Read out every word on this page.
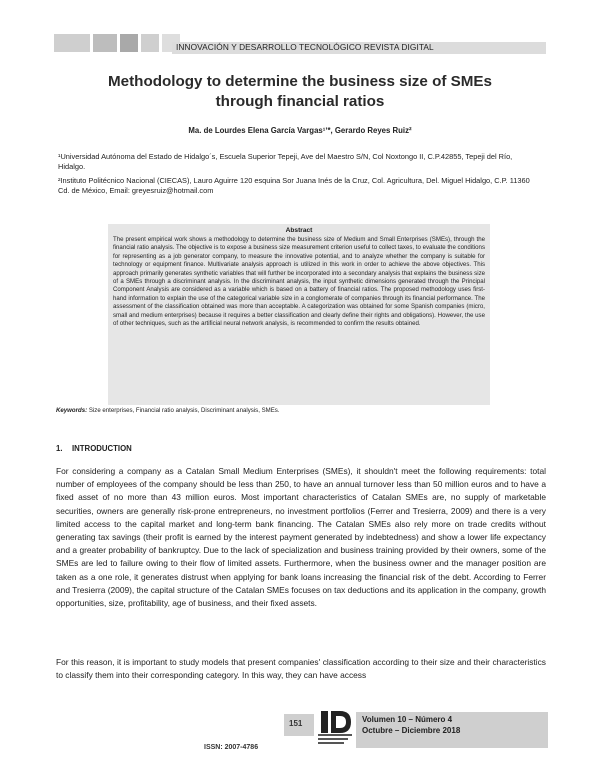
INNOVACIÓN Y DESARROLLO TECNOLÓGICO REVISTA DIGITAL
Methodology to determine the business size of SMEs
through financial ratios
Ma. de Lourdes Elena García Vargas¹ʼ*, Gerardo Reyes Ruiz²
¹Universidad Autónoma del Estado de Hidalgo´s, Escuela Superior Tepeji, Ave del Maestro S/N, Col Noxtongo II, C.P.42855, Tepeji del Río, Hidalgo.
²Instituto Politécnico Nacional (CIECAS), Lauro Aguirre 120 esquina Sor Juana Inés de la Cruz, Col. Agricultura, Del. Miguel Hidalgo, C.P. 11360 Cd. de México, Email: greyesruiz@hotmail.com
Abstract
The present empirical work shows a methodology to determine the business size of Medium and Small Enterprises (SMEs), through the financial ratio analysis. The objective is to expose a business size measurement criterion useful to collect taxes, to evaluate the conditions for representing as a job generator company, to measure the innovative potential, and to analyze whether the company is suitable for technology or equipment finance. Multivariate analysis approach is utilized in this work in order to achieve the above objectives. This approach primarily generates synthetic variables that will further be incorporated into a secondary analysis that explains the business size of a SMEs through a discriminant analysis. In the discriminant analysis, the input synthetic dimensions generated through the Principal Component Analysis are considered as a variable which is based on a battery of financial ratios. The proposed methodology uses first-hand information to explain the use of the categorical variable size in a conglomerate of companies through its financial performance. The assessment of the classification obtained was more than acceptable. A categorization was obtained for some Spanish companies (micro, small and medium enterprises) because it requires a better classification and clearly define their rights and obligations). However, the use of other techniques, such as the artificial neural network analysis, is recommended to confirm the results obtained.
Keywords: Size enterprises, Financial ratio analysis, Discriminant analysis, SMEs.
1. INTRODUCTION
For considering a company as a Catalan Small Medium Enterprises (SMEs), it shouldn't meet the following requirements: total number of employees of the company should be less than 250, to have an annual turnover less than 50 million euros and to have a fixed asset of no more than 43 million euros. Most important characteristics of Catalan SMEs are, no supply of marketable securities, owners are generally risk-prone entrepreneurs, no investment portfolios (Ferrer and Tresierra, 2009) and there is a very limited access to the capital market and long-term bank financing. The Catalan SMEs also rely more on trade credits without generating tax savings (their profit is earned by the interest payment generated by indebtedness) and show a lower life expectancy and a greater probability of bankruptcy. Due to the lack of specialization and business training provided by their owners, some of the SMEs are led to failure owing to their flow of limited assets. Furthermore, when the business owner and the manager position are taken as a one role, it generates distrust when applying for bank loans increasing the financial risk of the debt. According to Ferrer and Tresierra (2009), the capital structure of the Catalan SMEs focuses on tax deductions and its application in the company, growth opportunities, size, profitability, age of business, and their fixed assets.
For this reason, it is important to study models that present companies' classification according to their size and their characteristics to classify them into their corresponding category. In this way, they can have access
ISSN: 2007-4786
151	Volumen 10 – Número 4
Octubre – Diciembre 2018
